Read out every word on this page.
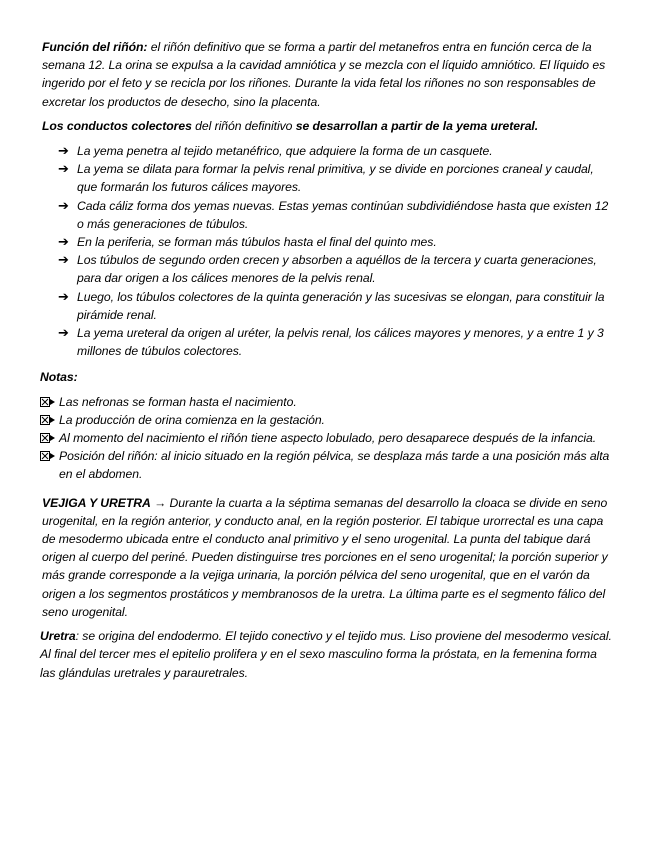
Función del riñón: el riñón definitivo que se forma a partir del metanefros entra en función cerca de la semana 12. La orina se expulsa a la cavidad amniótica y se mezcla con el líquido amniótico. El líquido es ingerido por el feto y se recicla por los riñones. Durante la vida fetal los riñones no son responsables de excretar los productos de desecho, sino la placenta.

Los conductos colectores del riñón definitivo se desarrollan a partir de la yema ureteral.

➔ La yema penetra al tejido metanéfrico, que adquiere la forma de un casquete.
➔ La yema se dilata para formar la pelvis renal primitiva, y se divide en porciones craneal y caudal, que formarán los futuros cálices mayores.
➔ Cada cáliz forma dos yemas nuevas. Estas yemas continúan subdividiéndose hasta que existen 12 o más generaciones de túbulos.
➔ En la periferia, se forman más túbulos hasta el final del quinto mes.
➔ Los túbulos de segundo orden crecen y absorben a aquéllos de la tercera y cuarta generaciones, para dar origen a los cálices menores de la pelvis renal.
➔ Luego, los túbulos colectores de la quinta generación y las sucesivas se elongan, para constituir la pirámide renal.
➔ La yema ureteral da origen al uréter, la pelvis renal, los cálices mayores y menores, y a entre 1 y 3 millones de túbulos colectores.

Notas:

Las nefronas se forman hasta el nacimiento.
La producción de orina comienza en la gestación.
Al momento del nacimiento el riñón tiene aspecto lobulado, pero desaparece después de la infancia.
Posición del riñón: al inicio situado en la región pélvica, se desplaza más tarde a una posición más alta en el abdomen.

VEJIGA Y URETRA → Durante la cuarta a la séptima semanas del desarrollo la cloaca se divide en seno urogenital, en la región anterior, y conducto anal, en la región posterior. El tabique urorrectal es una capa de mesodermo ubicada entre el conducto anal primitivo y el seno urogenital. La punta del tabique dará origen al cuerpo del periné. Pueden distinguirse tres porciones en el seno urogenital; la porción superior y más grande corresponde a la vejiga urinaria, la porción pélvica del seno urogenital, que en el varón da origen a los segmentos prostáticos y membranosos de la uretra. La última parte es el segmento fálico del seno urogenital.

Uretra: se origina del endodermo. El tejido conectivo y el tejido mus. Liso proviene del mesodermo vesical. Al final del tercer mes el epitelio prolifera y en el sexo masculino forma la próstata, en la femenina forma las glándulas uretrales y parauretrales.
